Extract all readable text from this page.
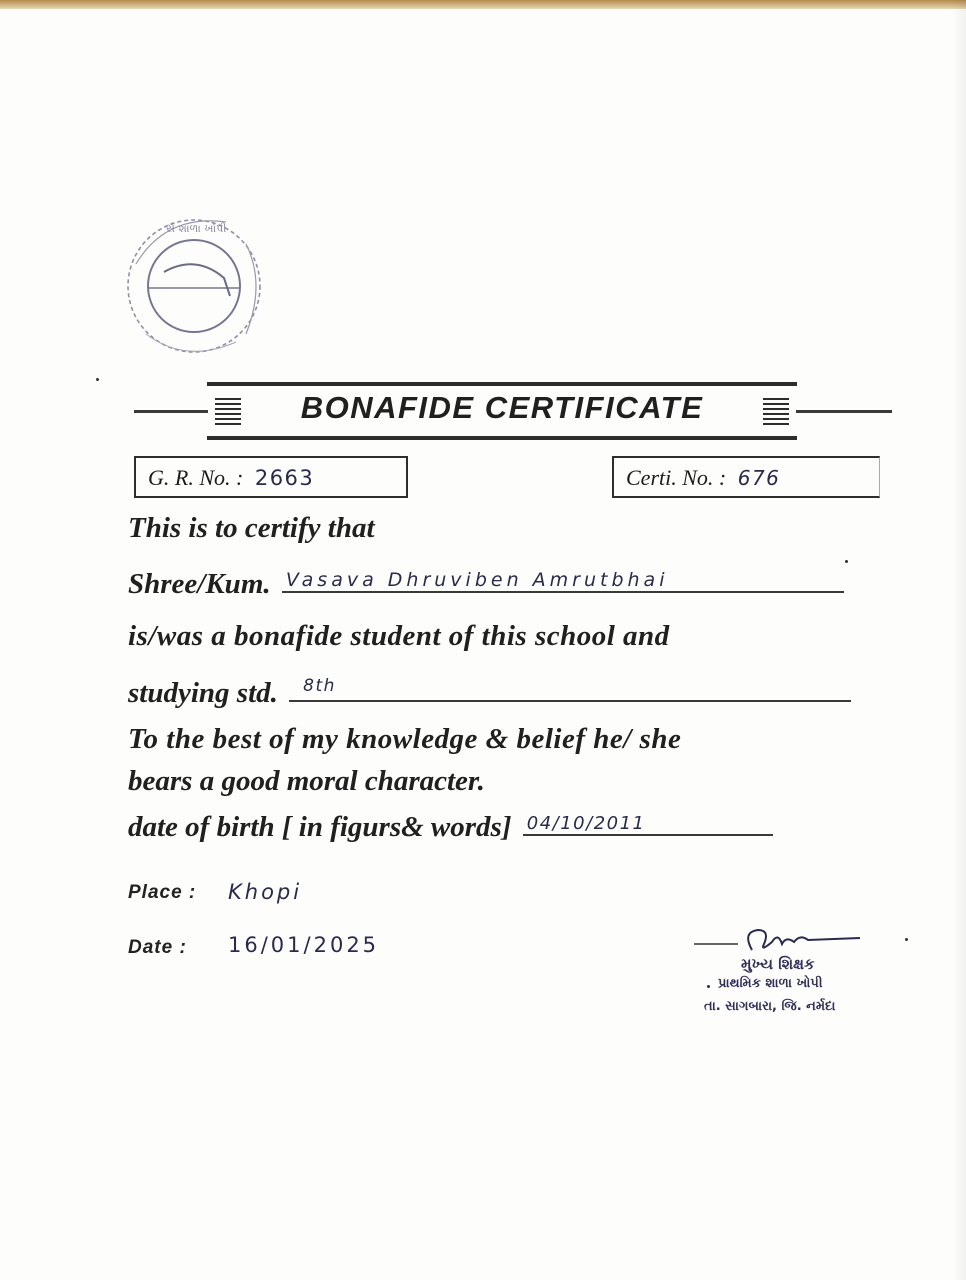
ર્સ શાળા ખોપી
BONAFIDE CERTIFICATE
G. R. No. : 2663	Certi. No. : 676
This is to certify that
Shree/Kum. Vasava Dhruviben Amrutbhai
is/was a bonafide student of this school and
studying std. 8th
To the best of my knowledge & belief he/ she
bears a good moral character.
date of birth [ in figurs& words] 04/10/2011
Place : Khopi
Date : 16/01/2025
મુખ્ય શિક્ષક
પ્રાથમિક શાળા ખોપી
તા. સાગબારા, જિ. નર્મદા
